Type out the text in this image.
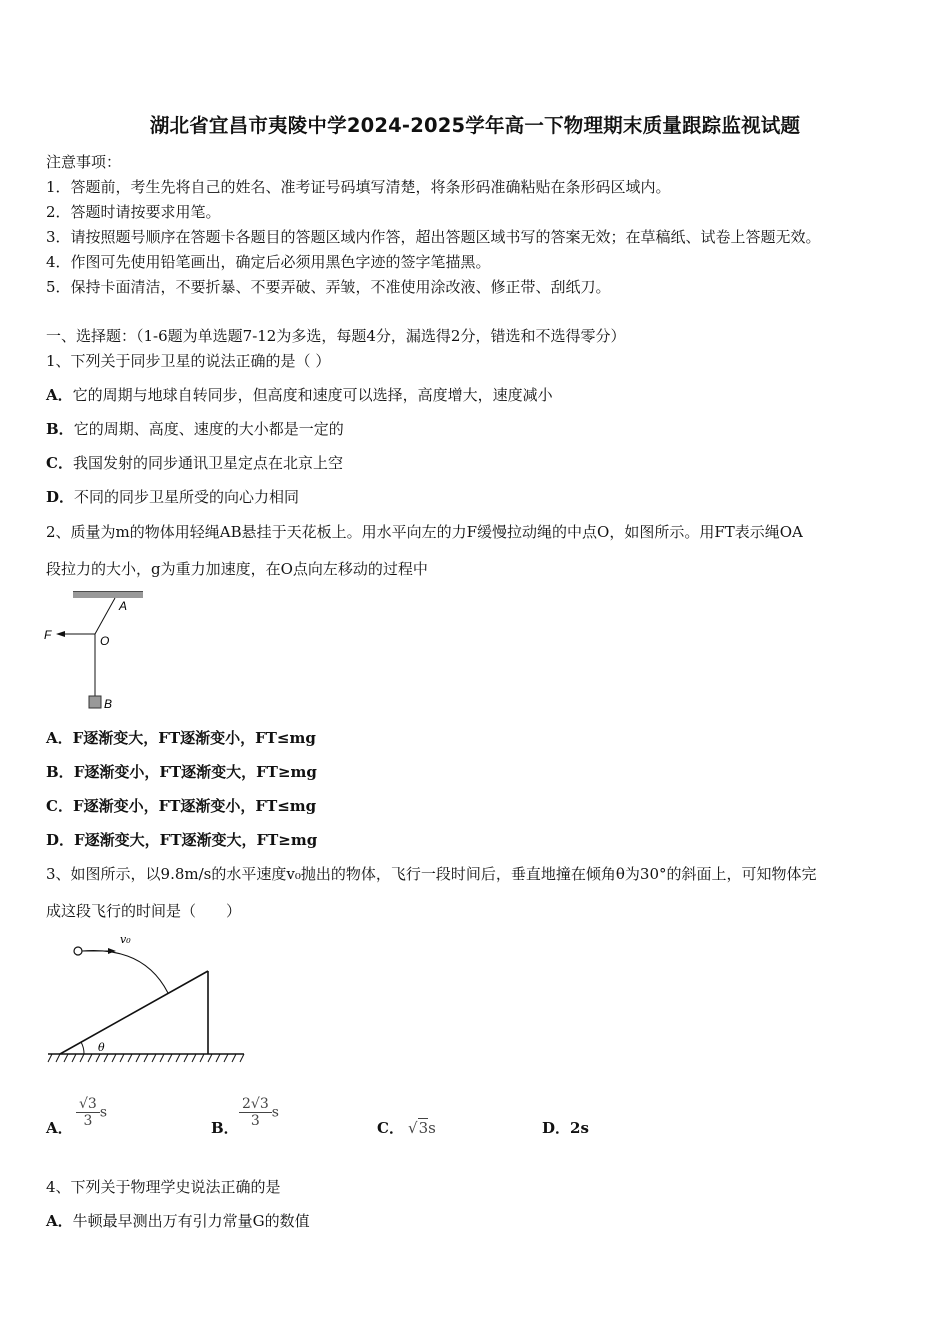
湖北省宜昌市夷陵中学2024-2025学年高一下物理期末质量跟踪监视试题
注意事项：
1．答题前，考生先将自己的姓名、准考证号码填写清楚，将条形码准确粘贴在条形码区域内。
2．答题时请按要求用笔。
3．请按照题号顺序在答题卡各题目的答题区域内作答，超出答题区域书写的答案无效；在草稿纸、试卷上答题无效。
4．作图可先使用铅笔画出，确定后必须用黑色字迹的签字笔描黑。
5．保持卡面清洁，不要折暴、不要弄破、弄皱，不准使用涂改液、修正带、刮纸刀。
一、选择题：（1-6题为单选题7-12为多选，每题4分，漏选得2分，错选和不选得零分）
1、下列关于同步卫星的说法正确的是（ ）
A．它的周期与地球自转同步，但高度和速度可以选择，高度增大，速度减小
B．它的周期、高度、速度的大小都是一定的
C．我国发射的同步通讯卫星定点在北京上空
D．不同的同步卫星所受的向心力相同
2、质量为m的物体用轻绳AB悬挂于天花板上。用水平向左的力F缓慢拉动绳的中点O，如图所示。用FT表示绳OA
段拉力的大小，g为重力加速度，在O点向左移动的过程中
A
F	O
B
A．F逐渐变大，FT逐渐变小，FT≤mg
B．F逐渐变小，FT逐渐变大，FT≥mg
C．F逐渐变小，FT逐渐变小，FT≤mg
D．F逐渐变大，FT逐渐变大，FT≥mg
3、如图所示，以9.8m/s的水平速度v₀抛出的物体，飞行一段时间后，垂直地撞在倾角θ为30°的斜面上，可知物体完
成这段飞行的时间是（　　）
v₀
θ
A． $\frac{√3}{3}$ s
B． $\frac{2√3}{3}$ s
C． √3s	D．2s
4、下列关于物理学史说法正确的是
A．牛顿最早测出万有引力常量G的数值
